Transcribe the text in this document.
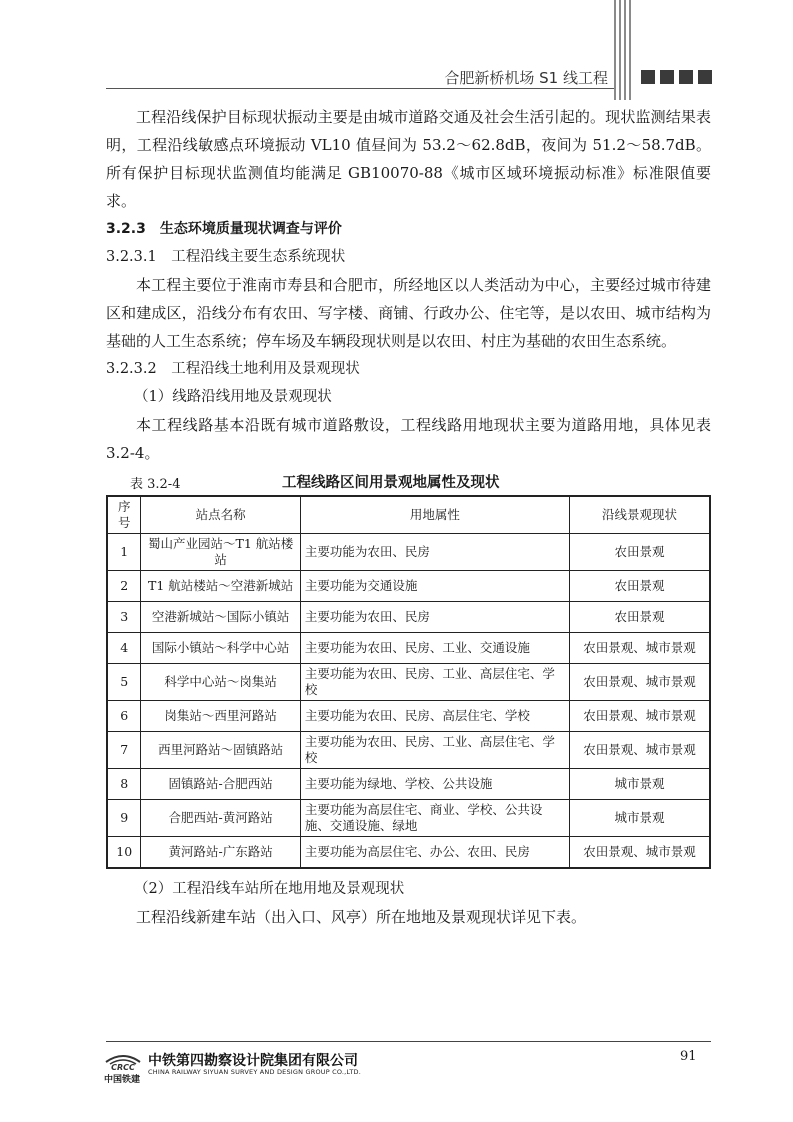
合肥新桥机场 S1 线工程

工程沿线保护目标现状振动主要是由城市道路交通及社会生活引起的。现状监测结果表明，工程沿线敏感点环境振动 VL10 值昼间为 53.2～62.8dB，夜间为 51.2～58.7dB。所有保护目标现状监测值均能满足 GB10070-88《城市区域环境振动标准》标准限值要求。

3.2.3　生态环境质量现状调查与评价

3.2.3.1　工程沿线主要生态系统现状

本工程主要位于淮南市寿县和合肥市，所经地区以人类活动为中心，主要经过城市待建区和建成区，沿线分布有农田、写字楼、商铺、行政办公、住宅等，是以农田、城市结构为基础的人工生态系统；停车场及车辆段现状则是以农田、村庄为基础的农田生态系统。

3.2.3.2　工程沿线土地利用及景观现状

（1）线路沿线用地及景观现状

本工程线路基本沿既有城市道路敷设，工程线路用地现状主要为道路用地，具体见表 3.2-4。

表 3.2-4	工程线路区间用景观地属性及现状
序号	站点名称	用地属性	沿线景观现状
1	蜀山产业园站～T1 航站楼站	主要功能为农田、民房	农田景观
2	T1 航站楼站～空港新城站	主要功能为交通设施	农田景观
3	空港新城站～国际小镇站	主要功能为农田、民房	农田景观
4	国际小镇站～科学中心站	主要功能为农田、民房、工业、交通设施	农田景观、城市景观
5	科学中心站～岗集站	主要功能为农田、民房、工业、高层住宅、学校	农田景观、城市景观
6	岗集站～西里河路站	主要功能为农田、民房、高层住宅、学校	农田景观、城市景观
7	西里河路站～固镇路站	主要功能为农田、民房、工业、高层住宅、学校	农田景观、城市景观
8	固镇路站-合肥西站	主要功能为绿地、学校、公共设施	城市景观
9	合肥西站-黄河路站	主要功能为高层住宅、商业、学校、公共设施、交通设施、绿地	城市景观
10	黄河路站-广东路站	主要功能为高层住宅、办公、农田、民房	农田景观、城市景观

（2）工程沿线车站所在地用地及景观现状

工程沿线新建车站（出入口、风亭）所在地地及景观现状详见下表。

CRCC
中国铁建
中铁第四勘察设计院集团有限公司
CHINA RAILWAY SIYUAN SURVEY AND DESIGN GROUP CO.,LTD.
91
